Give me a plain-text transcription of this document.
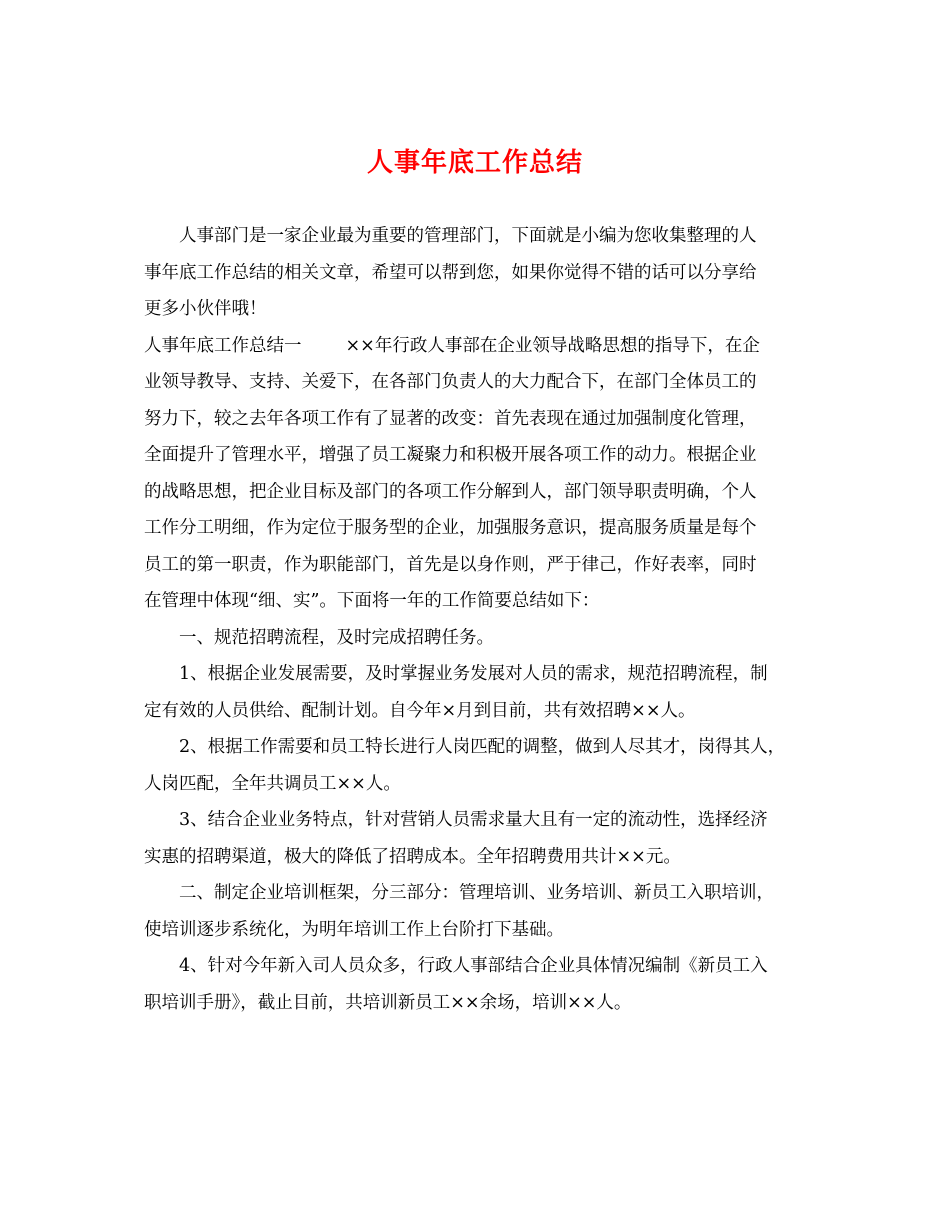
人事年底工作总结
人事部门是一家企业最为重要的管理部门，下面就是小编为您收集整理的人
事年底工作总结的相关文章，希望可以帮到您，如果你觉得不错的话可以分享给
更多小伙伴哦！
人事年底工作总结一	××年行政人事部在企业领导战略思想的指导下，在企
业领导教导、支持、关爱下，在各部门负责人的大力配合下，在部门全体员工的
努力下，较之去年各项工作有了显著的改变：首先表现在通过加强制度化管理，
全面提升了管理水平，增强了员工凝聚力和积极开展各项工作的动力。根据企业
的战略思想，把企业目标及部门的各项工作分解到人，部门领导职责明确，个人
工作分工明细，作为定位于服务型的企业，加强服务意识，提高服务质量是每个
员工的第一职责，作为职能部门，首先是以身作则，严于律己，作好表率，同时
在管理中体现“细、实”。下面将一年的工作简要总结如下：
一、规范招聘流程，及时完成招聘任务。
1、根据企业发展需要，及时掌握业务发展对人员的需求，规范招聘流程，制
定有效的人员供给、配制计划。自今年×月到目前，共有效招聘××人。
2、根据工作需要和员工特长进行人岗匹配的调整，做到人尽其才，岗得其人，
人岗匹配，全年共调员工××人。
3、结合企业业务特点，针对营销人员需求量大且有一定的流动性，选择经济
实惠的招聘渠道，极大的降低了招聘成本。全年招聘费用共计××元。
二、制定企业培训框架，分三部分：管理培训、业务培训、新员工入职培训，
使培训逐步系统化，为明年培训工作上台阶打下基础。
4、针对今年新入司人员众多，行政人事部结合企业具体情况编制《新员工入
职培训手册》，截止目前，共培训新员工××余场，培训××人。
